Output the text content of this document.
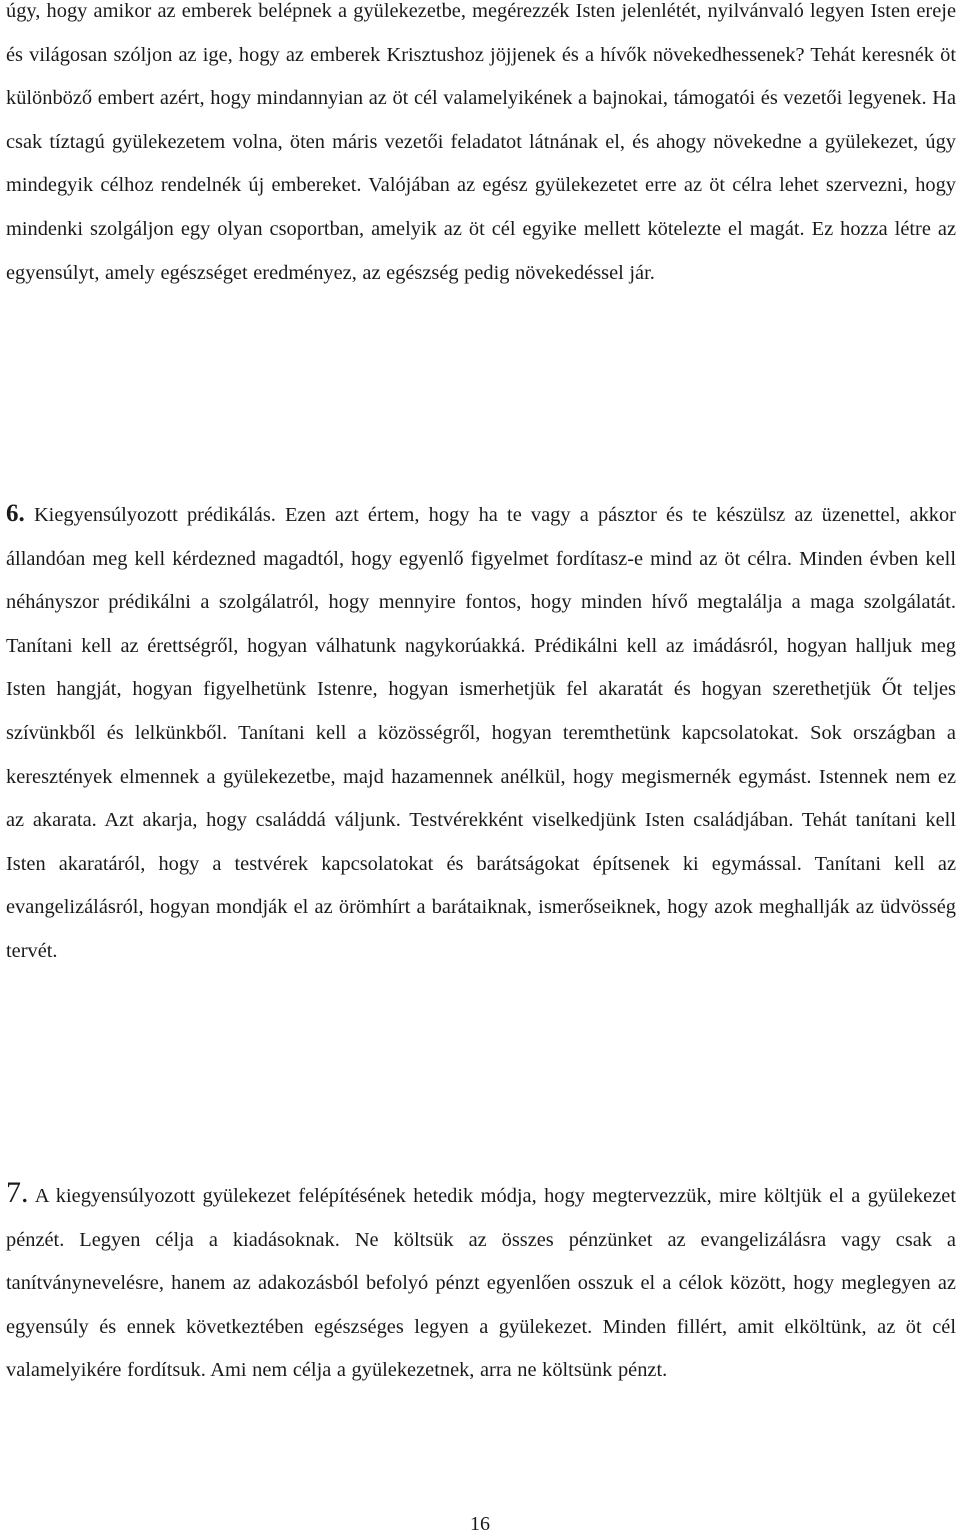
úgy, hogy amikor az emberek belépnek a gyülekezetbe, megérezzék Isten jelenlétét, nyilvánvaló legyen Isten ereje és világosan szóljon az ige, hogy az emberek Krisztushoz jöjjenek és a hívők növekedhessenek? Tehát keresnék öt különböző embert azért, hogy mindannyian az öt cél valamelyikének a bajnokai, támogatói és vezetői legyenek. Ha csak tíztagú gyülekezetem volna, öten máris vezetői feladatot látnának el, és ahogy növekedne a gyülekezet, úgy mindegyik célhoz rendelnék új embereket. Valójában az egész gyülekezetet erre az öt célra lehet szervezni, hogy mindenki szolgáljon egy olyan csoportban, amelyik az öt cél egyike mellett kötelezte el magát. Ez hozza létre az egyensúlyt, amely egészséget eredményez, az egészség pedig növekedéssel jár.

6. Kiegyensúlyozott prédikálás. Ezen azt értem, hogy ha te vagy a pásztor és te készülsz az üzenettel, akkor állandóan meg kell kérdezned magadtól, hogy egyenlő figyelmet fordítasz-e mind az öt célra. Minden évben kell néhányszor prédikálni a szolgálatról, hogy mennyire fontos, hogy minden hívő megtalálja a maga szolgálatát. Tanítani kell az érettségről, hogyan válhatunk nagykorúakká. Prédikálni kell az imádásról, hogyan halljuk meg Isten hangját, hogyan figyelhetünk Istenre, hogyan ismerhetjük fel akaratát és hogyan szerethetjük Őt teljes szívünkből és lelkünkből. Tanítani kell a közösségről, hogyan teremthetünk kapcsolatokat. Sok országban a keresztények elmennek a gyülekezetbe, majd hazamennek anélkül, hogy megismernék egymást. Istennek nem ez az akarata. Azt akarja, hogy családdá váljunk. Testvérekként viselkedjünk Isten családjában. Tehát tanítani kell Isten akaratáról, hogy a testvérek kapcsolatokat és barátságokat építsenek ki egymással. Tanítani kell az evangelizálásról, hogyan mondják el az örömhírt a barátaiknak, ismerőseiknek, hogy azok meghallják az üdvösség tervét.

7. A kiegyensúlyozott gyülekezet felépítésének hetedik módja, hogy megtervezzük, mire költjük el a gyülekezet pénzét. Legyen célja a kiadásoknak. Ne költsük az összes pénzünket az evangelizálásra vagy csak a tanítványnevelésre, hanem az adakozásból befolyó pénzt egyenlően osszuk el a célok között, hogy meglegyen az egyensúly és ennek következtében egészséges legyen a gyülekezet. Minden fillért, amit elköltünk, az öt cél valamelyikére fordítsuk. Ami nem célja a gyülekezetnek, arra ne költsünk pénzt.

16
